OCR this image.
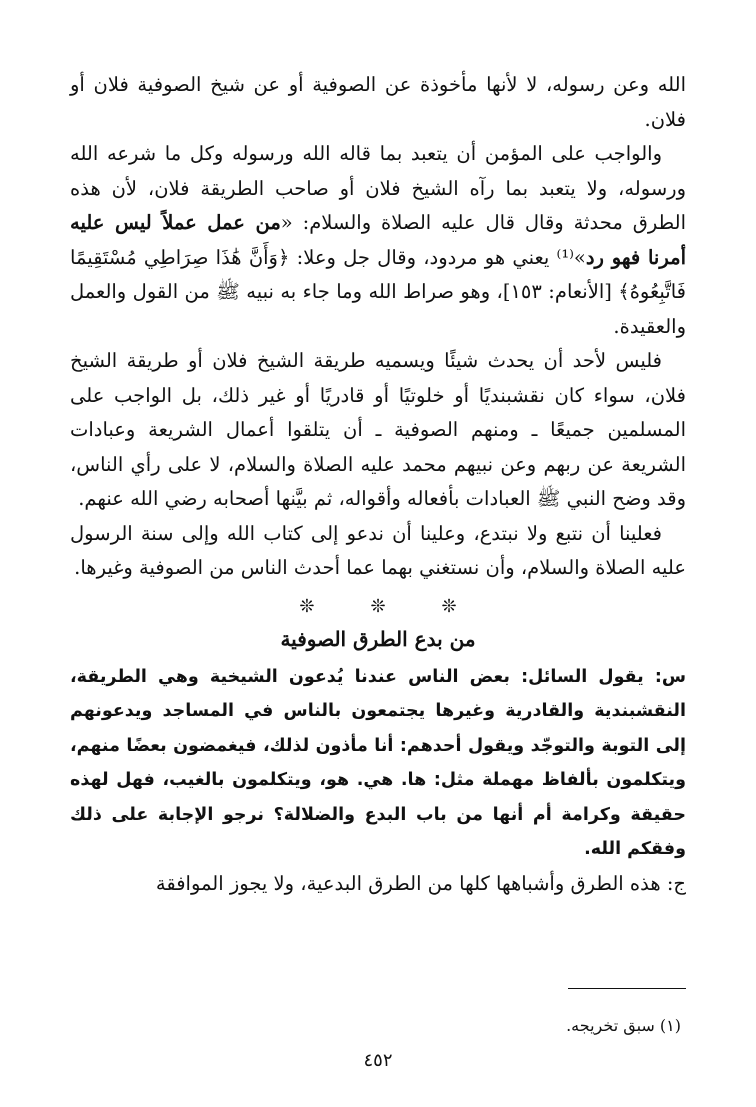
الله وعن رسوله، لا لأنها مأخوذة عن الصوفية أو عن شيخ الصوفية فلان أو فلان.

والواجب على المؤمن أن يتعبد بما قاله الله ورسوله وكل ما شرعه الله ورسوله، ولا يتعبد بما رآه الشيخ فلان أو صاحب الطريقة فلان، لأن هذه الطرق محدثة وقال قال عليه الصلاة والسلام: «من عمل عملاً ليس عليه أمرنا فهو رد»⁽¹⁾ يعني هو مردود، وقال جل وعلا: ﴿وَأَنَّ هَٰذَا صِرَاطِي مُسْتَقِيمًا فَاتَّبِعُوهُ﴾ [الأنعام: ١٥٣]، وهو صراط الله وما جاء به نبيه ﷺ من القول والعمل والعقيدة.

فليس لأحد أن يحدث شيئًا ويسميه طريقة الشيخ فلان أو طريقة الشيخ فلان، سواء كان نقشبنديًا أو خلوتيًا أو قادريًا أو غير ذلك، بل الواجب على المسلمين جميعًا ـ ومنهم الصوفية ـ أن يتلقوا أعمال الشريعة وعبادات الشريعة عن ربهم وعن نبيهم محمد عليه الصلاة والسلام، لا على رأي الناس، وقد وضح النبي ﷺ العبادات بأفعاله وأقواله، ثم بيَّنها أصحابه رضي الله عنهم.

فعلينا أن نتبع ولا نبتدع، وعلينا أن ندعو إلى كتاب الله وإلى سنة الرسول عليه الصلاة والسلام، وأن نستغني بهما عما أحدث الناس من الصوفية وغيرها.

❊	❊	❊
من بدع الطرق الصوفية

س: يقول السائل: بعض الناس عندنا يُدعون الشيخية وهي الطريقة، النقشبندية والقادرية وغيرها يجتمعون بالناس في المساجد ويدعونهم إلى التوبة والتوجّد ويقول أحدهم: أنا مأذون لذلك، فيغمضون بعضًا منهم، ويتكلمون بألفاظ مهملة مثل: ها. هي. هو، ويتكلمون بالغيب، فهل لهذه حقيقة وكرامة أم أنها من باب البدع والضلالة؟ نرجو الإجابة على ذلك وفقكم الله.

ج: هذه الطرق وأشباهها كلها من الطرق البدعية، ولا يجوز الموافقة

(١) سبق تخريجه.
٤٥٢
